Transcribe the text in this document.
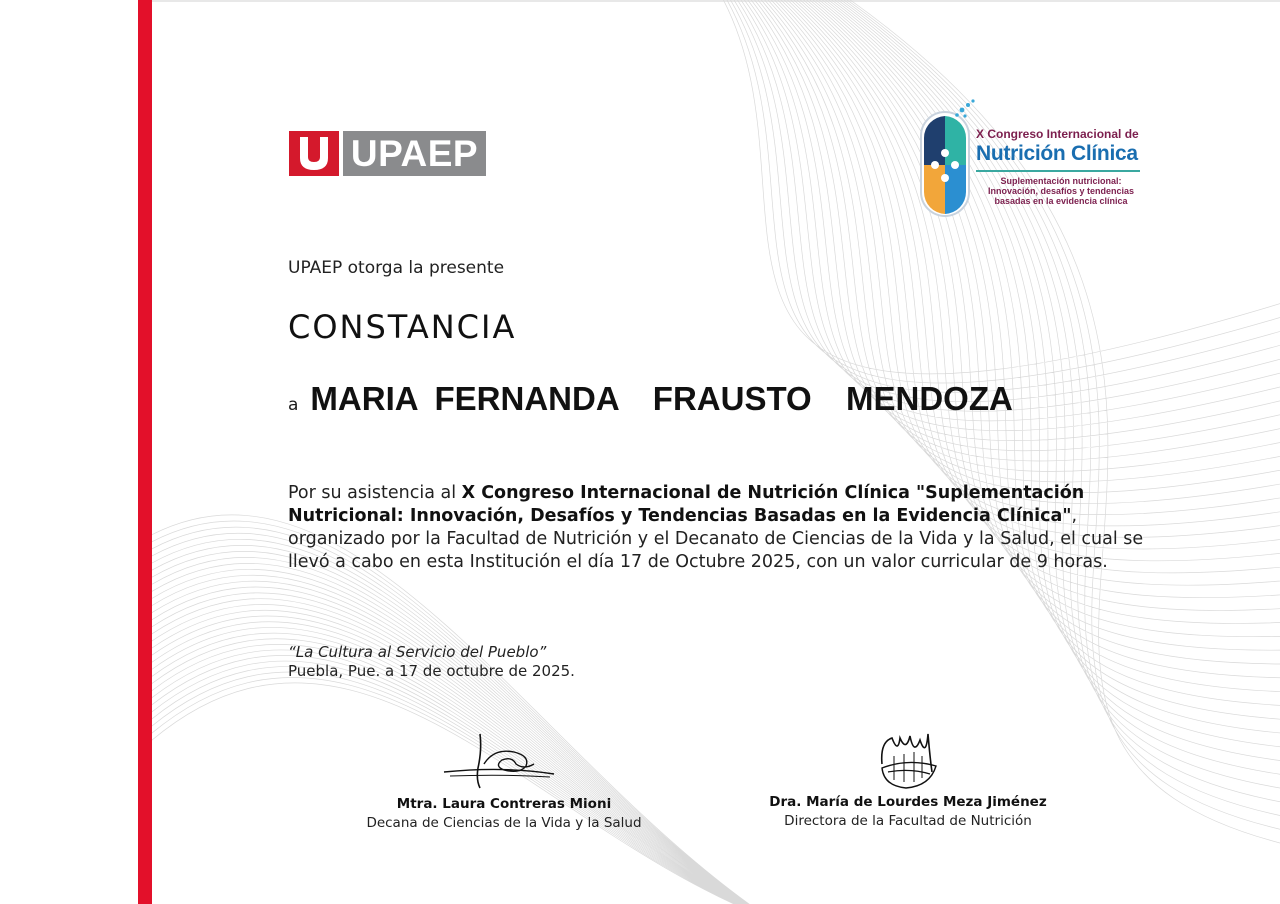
UPAEP	X Congreso Internacional de
Nutrición Clínica
Suplementación nutricional: Innovación, desafíos y tendencias basadas en la evidencia clínica
UPAEP otorga la presente
CONSTANCIA
a MARIA FERNANDA  FRAUSTO  MENDOZA
Por su asistencia al X Congreso Internacional de Nutrición Clínica "Suplementación Nutricional: Innovación, Desafíos y Tendencias Basadas en la Evidencia Clínica", organizado por la Facultad de Nutrición y el Decanato de Ciencias de la Vida y la Salud, el cual se llevó a cabo en esta Institución el día 17 de Octubre 2025, con un valor curricular de 9 horas.
“La Cultura al Servicio del Pueblo”
Puebla, Pue. a 17 de octubre de 2025.
Mtra. Laura Contreras Mioni
Decana de Ciencias de la Vida y la Salud
Dra. María de Lourdes Meza Jiménez
Directora de la Facultad de Nutrición
